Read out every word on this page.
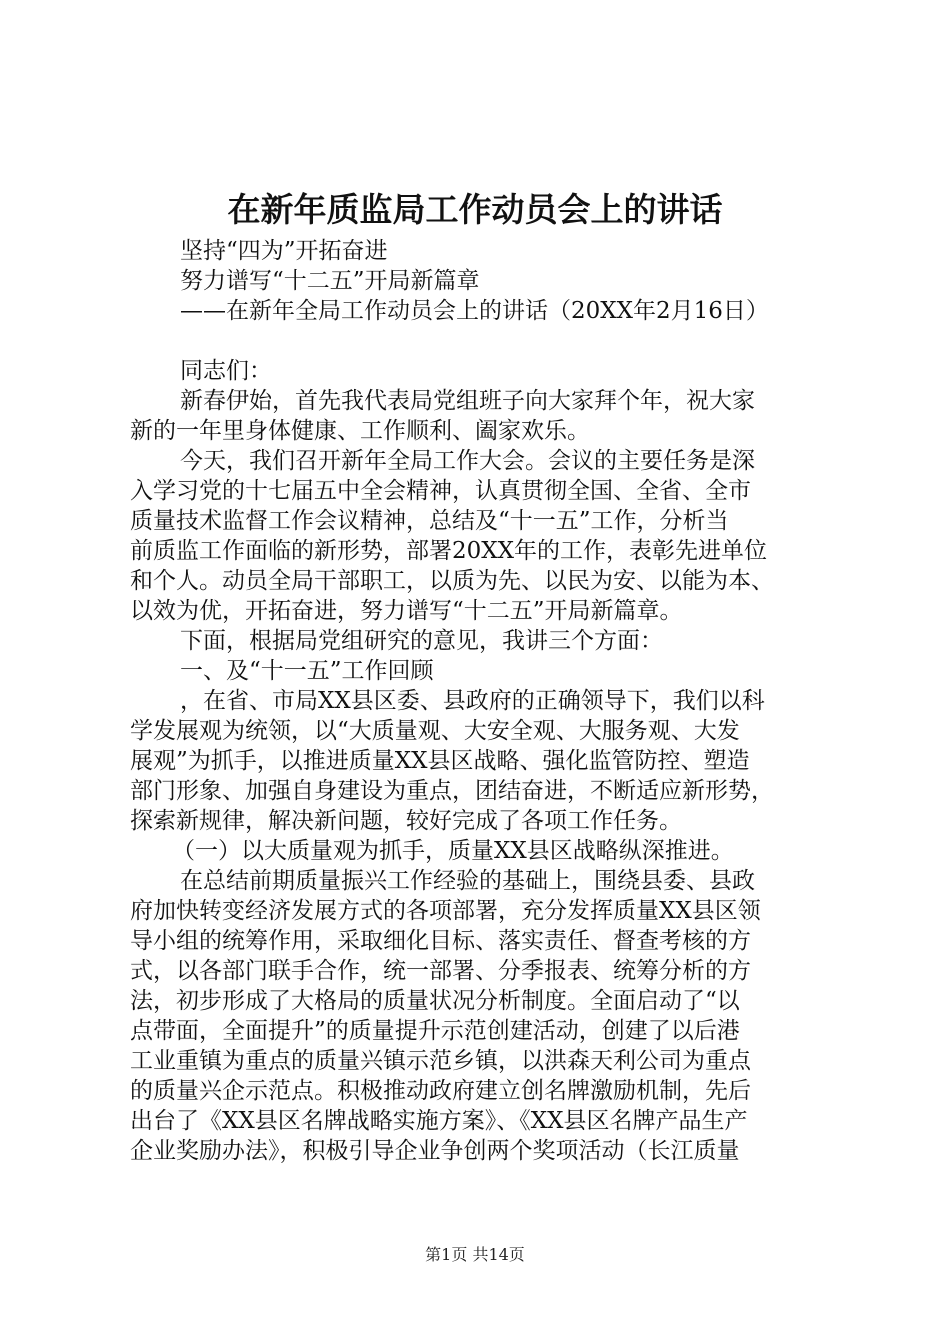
在新年质监局工作动员会上的讲话
坚持“四为”开拓奋进
努力谱写“十二五”开局新篇章
——在新年全局工作动员会上的讲话（20XX年2月16日）
同志们：
新春伊始，首先我代表局党组班子向大家拜个年，祝大家
新的一年里身体健康、工作顺利、阖家欢乐。
今天，我们召开新年全局工作大会。会议的主要任务是深
入学习党的十七届五中全会精神，认真贯彻全国、全省、全市
质量技术监督工作会议精神，总结及“十一五”工作，分析当
前质监工作面临的新形势，部署20XX年的工作，表彰先进单位
和个人。动员全局干部职工，以质为先、以民为安、以能为本、
以效为优，开拓奋进，努力谱写“十二五”开局新篇章。
下面，根据局党组研究的意见，我讲三个方面：
一、及“十一五”工作回顾
，在省、市局XX县区委、县政府的正确领导下，我们以科
学发展观为统领，以“大质量观、大安全观、大服务观、大发
展观”为抓手，以推进质量XX县区战略、强化监管防控、塑造
部门形象、加强自身建设为重点，团结奋进，不断适应新形势，
探索新规律，解决新问题，较好完成了各项工作任务。
（一）以大质量观为抓手，质量XX县区战略纵深推进。
在总结前期质量振兴工作经验的基础上，围绕县委、县政
府加快转变经济发展方式的各项部署，充分发挥质量XX县区领
导小组的统筹作用，采取细化目标、落实责任、督查考核的方
式，以各部门联手合作，统一部署、分季报表、统筹分析的方
法，初步形成了大格局的质量状况分析制度。全面启动了“以
点带面，全面提升”的质量提升示范创建活动，创建了以后港
工业重镇为重点的质量兴镇示范乡镇，以洪森天利公司为重点
的质量兴企示范点。积极推动政府建立创名牌激励机制，先后
出台了《XX县区名牌战略实施方案》、《XX县区名牌产品生产
企业奖励办法》，积极引导企业争创两个奖项活动（长江质量
第1页 共14页
